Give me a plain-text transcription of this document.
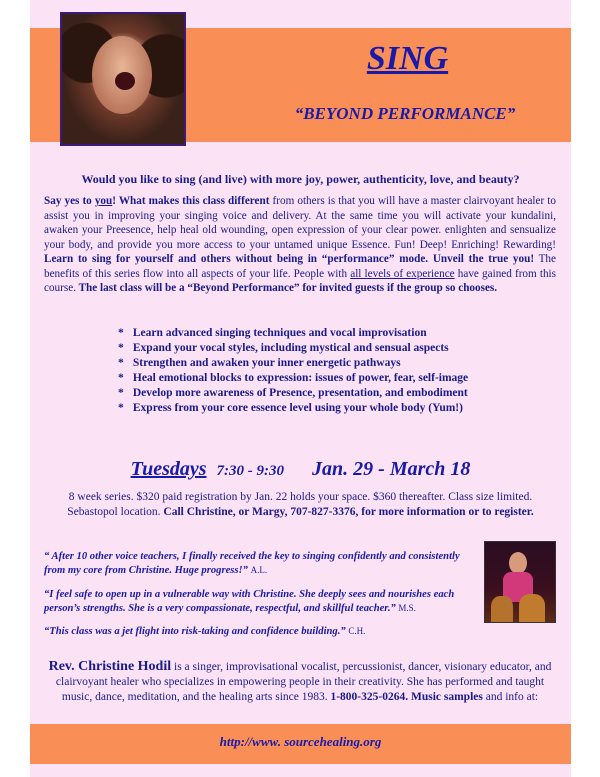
SING
“BEYOND PERFORMANCE”
Would you like to sing (and live) with more joy, power, authenticity, love, and beauty?
Say yes to you! What makes this class different from others is that you will have a master clairvoyant healer to assist you in improving your singing voice and delivery. At the same time you will activate your kundalini, awaken your Preesence, help heal old wounding, open expression of your clear power. enlighten and sensualize your body, and provide you more access to your untamed unique Essence. Fun! Deep! Enriching! Rewarding! Learn to sing for yourself and others without being in “performance” mode. Unveil the true you! The benefits of this series flow into all aspects of your life. People with all levels of experience have gained from this course. The last class will be a “Beyond Performance” for invited guests if the group so chooses.
* Learn advanced singing techniques and vocal improvisation
* Expand your vocal styles, including mystical and sensual aspects
* Strengthen and awaken your inner energetic pathways
* Heal emotional blocks to expression: issues of power, fear, self-image
* Develop more awareness of Presence, presentation, and embodiment
* Express from your core essence level using your whole body (Yum!)
Tuesdays 7:30 - 9:30 Jan. 29 - March 18
8 week series. $320 paid registration by Jan. 22 holds your space. $360 thereafter. Class size limited.
Sebastopol location. Call Christine, or Margy, 707-827-3376, for more information or to register.
“ After 10 other voice teachers, I finally received the key to singing confidently and consistently from my core from Christine. Huge progress!” A.L.
“I feel safe to open up in a vulnerable way with Christine. She deeply sees and nourishes each person’s strengths. She is a very compassionate, respectful, and skillful teacher.” M.S.
“This class was a jet flight into risk-taking and confidence building.” C.H.
Rev. Christine Hodil is a singer, improvisational vocalist, percussionist, dancer, visionary educator, and clairvoyant healer who specializes in empowering people in their creativity. She has performed and taught music, dance, meditation, and the healing arts since 1983. 1-800-325-0264. Music samples and info at:
http://www. sourcehealing.org
